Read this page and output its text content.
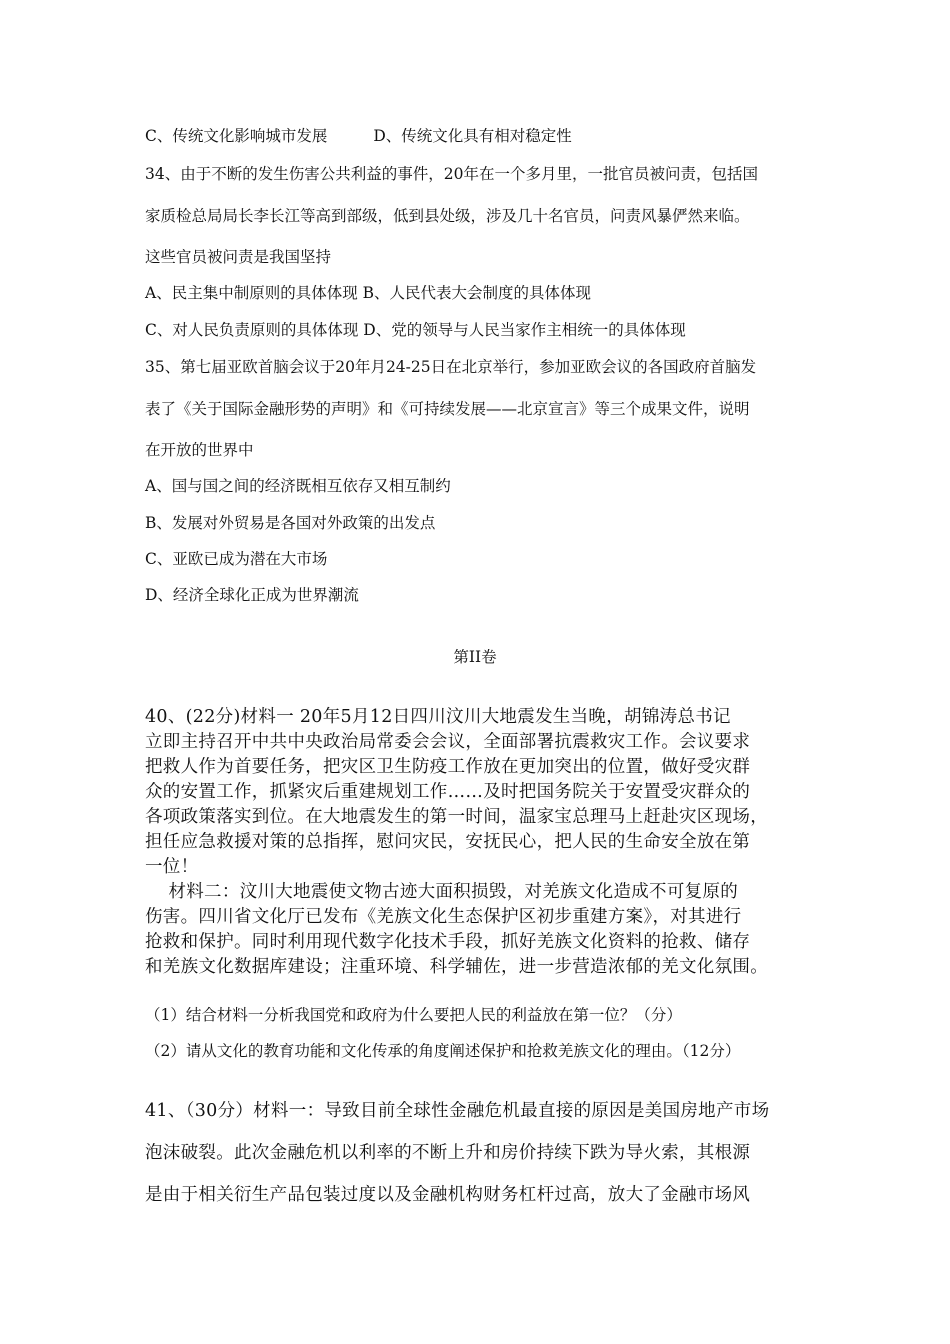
C、传统文化影响城市发展	D、传统文化具有相对稳定性
34、由于不断的发生伤害公共利益的事件，20年在一个多月里，一批官员被问责，包括国
家质检总局局长李长江等高到部级，低到县处级，涉及几十名官员，问责风暴俨然来临。
这些官员被问责是我国坚持
A、民主集中制原则的具体体现 B、人民代表大会制度的具体体现
C、对人民负责原则的具体体现 D、党的领导与人民当家作主相统一的具体体现
35、第七届亚欧首脑会议于20年月24-25日在北京举行，参加亚欧会议的各国政府首脑发
表了《关于国际金融形势的声明》和《可持续发展——北京宣言》等三个成果文件，说明
在开放的世界中
A、国与国之间的经济既相互依存又相互制约
B、发展对外贸易是各国对外政策的出发点
C、亚欧已成为潜在大市场
D、经济全球化正成为世界潮流
第II卷
40、(22分)材料一 20年5月12日四川汶川大地震发生当晚，胡锦涛总书记
立即主持召开中共中央政治局常委会会议，全面部署抗震救灾工作。会议要求
把救人作为首要任务，把灾区卫生防疫工作放在更加突出的位置，做好受灾群
众的安置工作，抓紧灾后重建规划工作……及时把国务院关于安置受灾群众的
各项政策落实到位。在大地震发生的第一时间，温家宝总理马上赶赴灾区现场，
担任应急救援对策的总指挥，慰问灾民，安抚民心，把人民的生命安全放在第
一位！
材料二：汶川大地震使文物古迹大面积损毁，对羌族文化造成不可复原的
伤害。四川省文化厅已发布《羌族文化生态保护区初步重建方案》，对其进行
抢救和保护。同时利用现代数字化技术手段，抓好羌族文化资料的抢救、储存
和羌族文化数据库建设；注重环境、科学辅佐，进一步营造浓郁的羌文化氛围。
（1）结合材料一分析我国党和政府为什么要把人民的利益放在第一位？（分）
（2）请从文化的教育功能和文化传承的角度阐述保护和抢救羌族文化的理由。（12分）
41、（30分）材料一：导致目前全球性金融危机最直接的原因是美国房地产市场
泡沫破裂。此次金融危机以利率的不断上升和房价持续下跌为导火索，其根源
是由于相关衍生产品包装过度以及金融机构财务杠杆过高，放大了金融市场风
